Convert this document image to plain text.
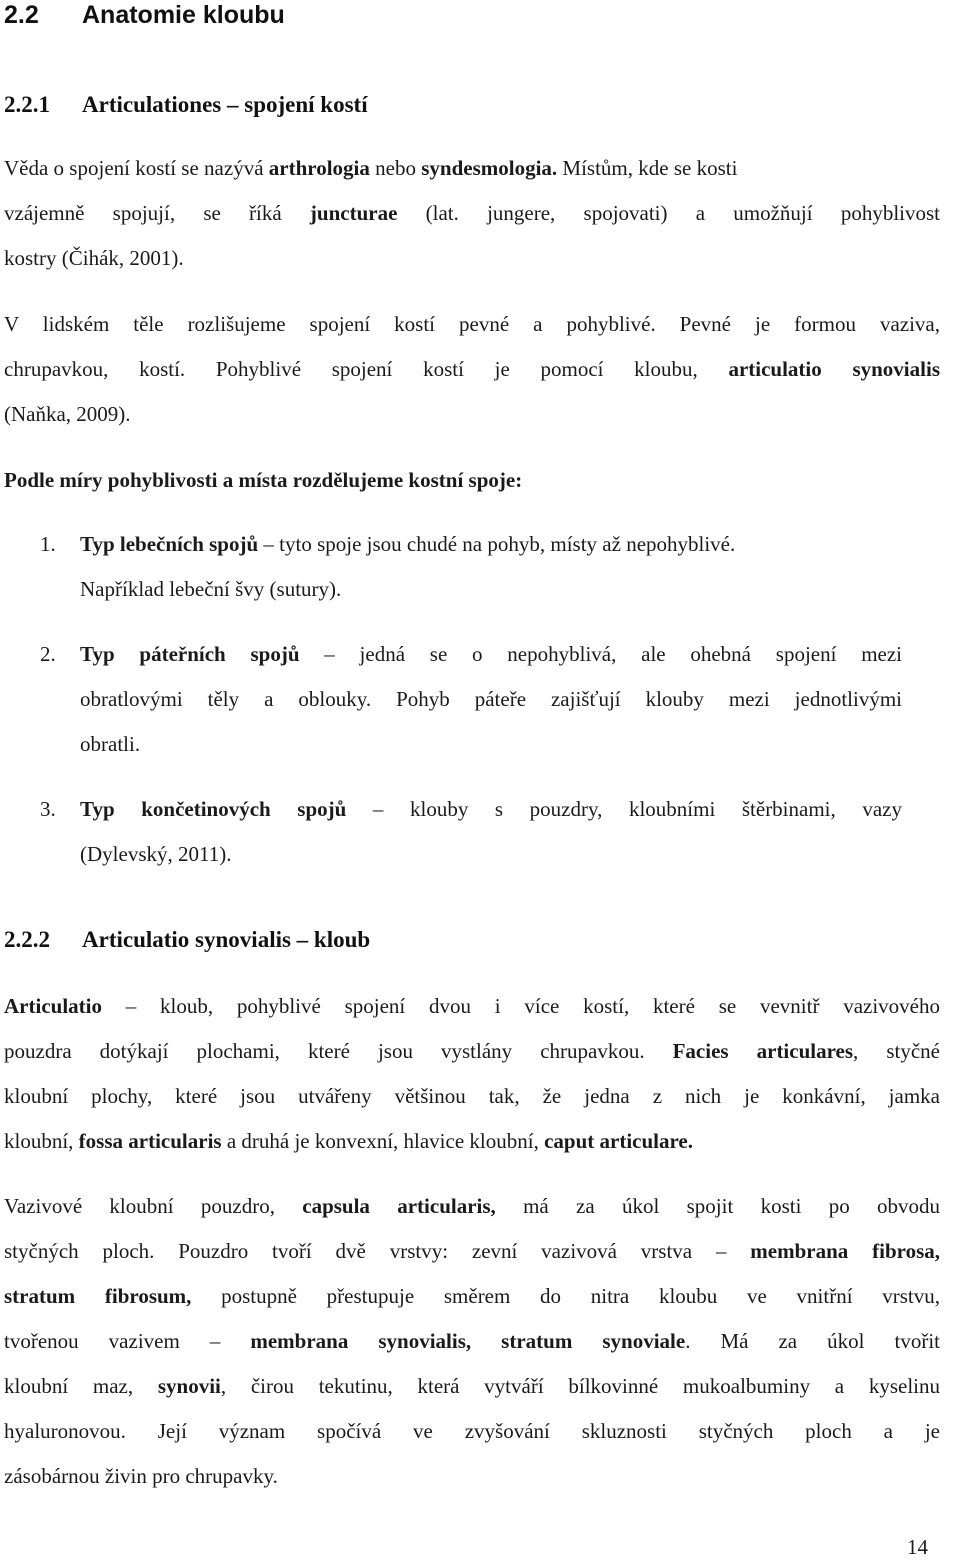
2.2 Anatomie kloubu
2.2.1 Articulationes – spojení kostí

Věda o spojení kostí se nazývá arthrologia nebo syndesmologia. Místům, kde se kosti
vzájemně spojují, se říká juncturae (lat. jungere, spojovati) a umožňují pohyblivost
kostry (Čihák, 2001).

V lidském těle rozlišujeme spojení kostí pevné a pohyblivé. Pevné je formou vaziva,
chrupavkou, kostí. Pohyblivé spojení kostí je pomocí kloubu, articulatio synovialis
(Naňka, 2009).

Podle míry pohyblivosti a místa rozdělujeme kostní spoje:

1.	Typ lebečních spojů – tyto spoje jsou chudé na pohyb, místy až nepohyblivé.
Například lebeční švy (sutury).
2.	Typ páteřních spojů – jedná se o nepohyblivá, ale ohebná spojení mezi
obratlovými těly a oblouky. Pohyb páteře zajišťují klouby mezi jednotlivými
obratli.
3.	Typ končetinových spojů – klouby s pouzdry, kloubními štěrbinami, vazy
(Dylevský, 2011).
2.2.2 Articulatio synovialis – kloub

Articulatio – kloub, pohyblivé spojení dvou i více kostí, které se vevnitř vazivového
pouzdra dotýkají plochami, které jsou vystlány chrupavkou. Facies articulares, styčné
kloubní plochy, které jsou utvářeny většinou tak, že jedna z nich je konkávní, jamka
kloubní, fossa articularis a druhá je konvexní, hlavice kloubní, caput articulare.

Vazivové kloubní pouzdro, capsula articularis, má za úkol spojit kosti po obvodu
styčných ploch. Pouzdro tvoří dvě vrstvy: zevní vazivová vrstva – membrana fibrosa,
stratum fibrosum, postupně přestupuje směrem do nitra kloubu ve vnitřní vrstvu,
tvořenou vazivem – membrana synovialis, stratum synoviale. Má za úkol tvořit
kloubní maz, synovii, čirou tekutinu, která vytváří bílkovinné mukoalbuminy a kyselinu
hyaluronovou. Její význam spočívá ve zvyšování skluznosti styčných ploch a je
zásobárnou živin pro chrupavky.

14
